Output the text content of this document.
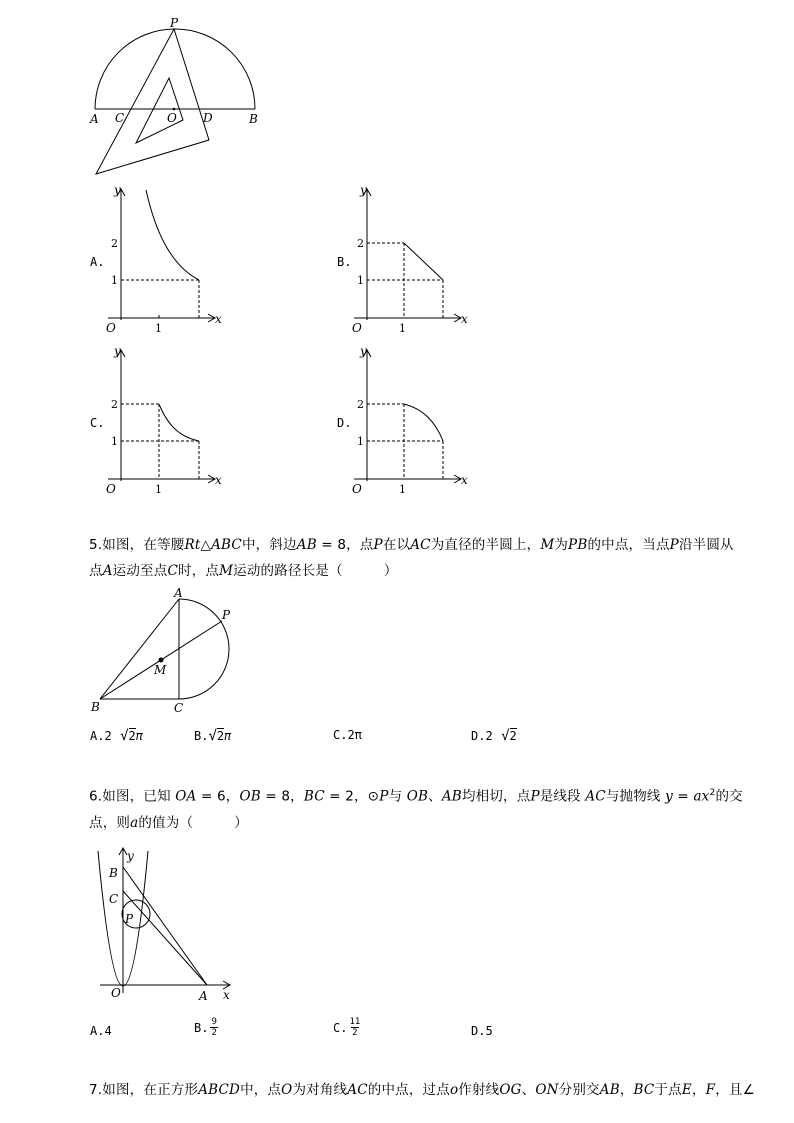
P
A C	O D	B
A.
y
x
O
2
1
1
B.
y
x
O
2
1
1
C.
y
x
O
2
1
1
D.
y
x
O
2
1
1
5.如图，在等腰Rt△ABC中，斜边AB = 8，点P在以AC为直径的半圆上，M为PB的中点，当点P沿半圆从
点A运动至点C时，点M运动的路径长是（　　　）
A
P
M
B	C
A.2 √2π	B.√2π	C.2π	D.2 √2
6.如图，已知 OA = 6，OB = 8，BC = 2，⊙P与 OB、AB均相切，点P是线段 AC与抛物线 $y = ax^2$的交
点，则a的值为（　　　）
y
B
C
P
O	A x
A.4	B. $\frac{9}{2}$	C. $\frac{11}{2}$	D.5
7.如图，在正方形ABCD中，点O为对角线AC的中点，过点o作射线OG、ON分别交AB，BC于点E，F，且∠
